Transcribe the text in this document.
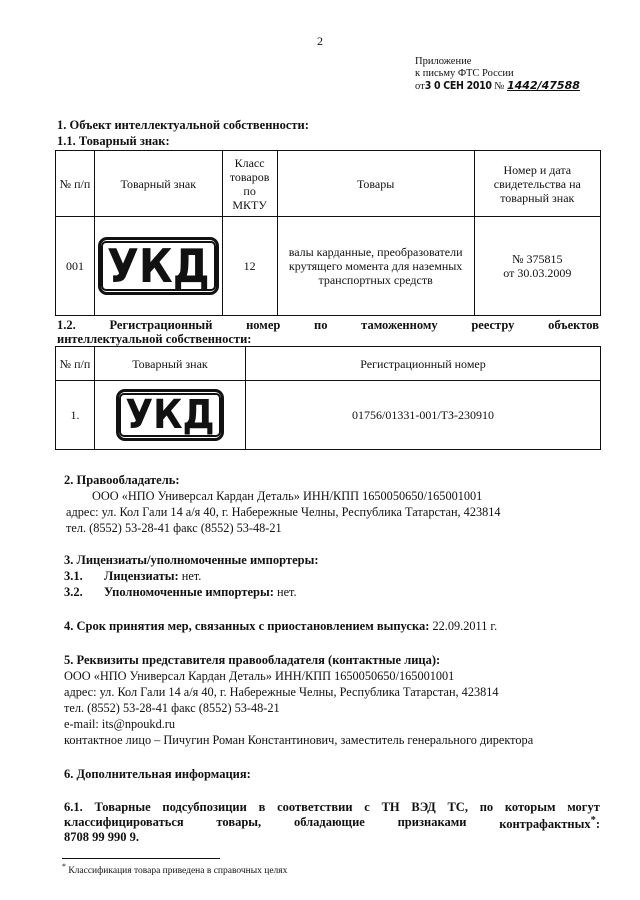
2
Приложение
к письму ФТС России
от3 0 СЕН 2010 № 1442/47588
1. Объект интеллектуальной собственности:
1.1. Товарный знак:
№ п/п	Товарный знак	Класс товаров по МКТУ	Товары	Номер и дата свидетельства на товарный знак
001	УКД	12	валы карданные, преобразователи крутящего момента для наземных транспортных средств	№ 375815
от 30.03.2009
1.2.	Регистрационный	номер	по	таможенному	реестру	объектов
интеллектуальной собственности:
№ п/п	Товарный знак	Регистрационный номер
1.	УКД	01756/01331-001/ТЗ-230910
2. Правообладатель:
ООО «НПО Универсал Кардан Деталь» ИНН/КПП 1650050650/165001001
адрес: ул. Кол Гали 14 а/я 40, г. Набережные Челны, Республика Татарстан, 423814
тел. (8552) 53-28-41 факс (8552) 53-48-21
3. Лицензиаты/уполномоченные импортеры:
3.1. Лицензиаты: нет.
3.2. Уполномоченные импортеры: нет.
4. Срок принятия мер, связанных с приостановлением выпуска: 22.09.2011 г.
5. Реквизиты представителя правообладателя (контактные лица):
ООО «НПО Универсал Кардан Деталь» ИНН/КПП 1650050650/165001001
адрес: ул. Кол Гали 14 а/я 40, г. Набережные Челны, Республика Татарстан, 423814
тел. (8552) 53-28-41 факс (8552) 53-48-21
e-mail: its@npoukd.ru
контактное лицо – Пичугин Роман Константинович, заместитель генерального директора
6. Дополнительная информация:
6.1. Товарные подсубпозиции в соответствии с ТН ВЭД ТС, по которым могут
классифицироваться	товары,	обладающие	признаками	контрафактных*:
8708 99 990 9.
* Классификация товара приведена в справочных целях
